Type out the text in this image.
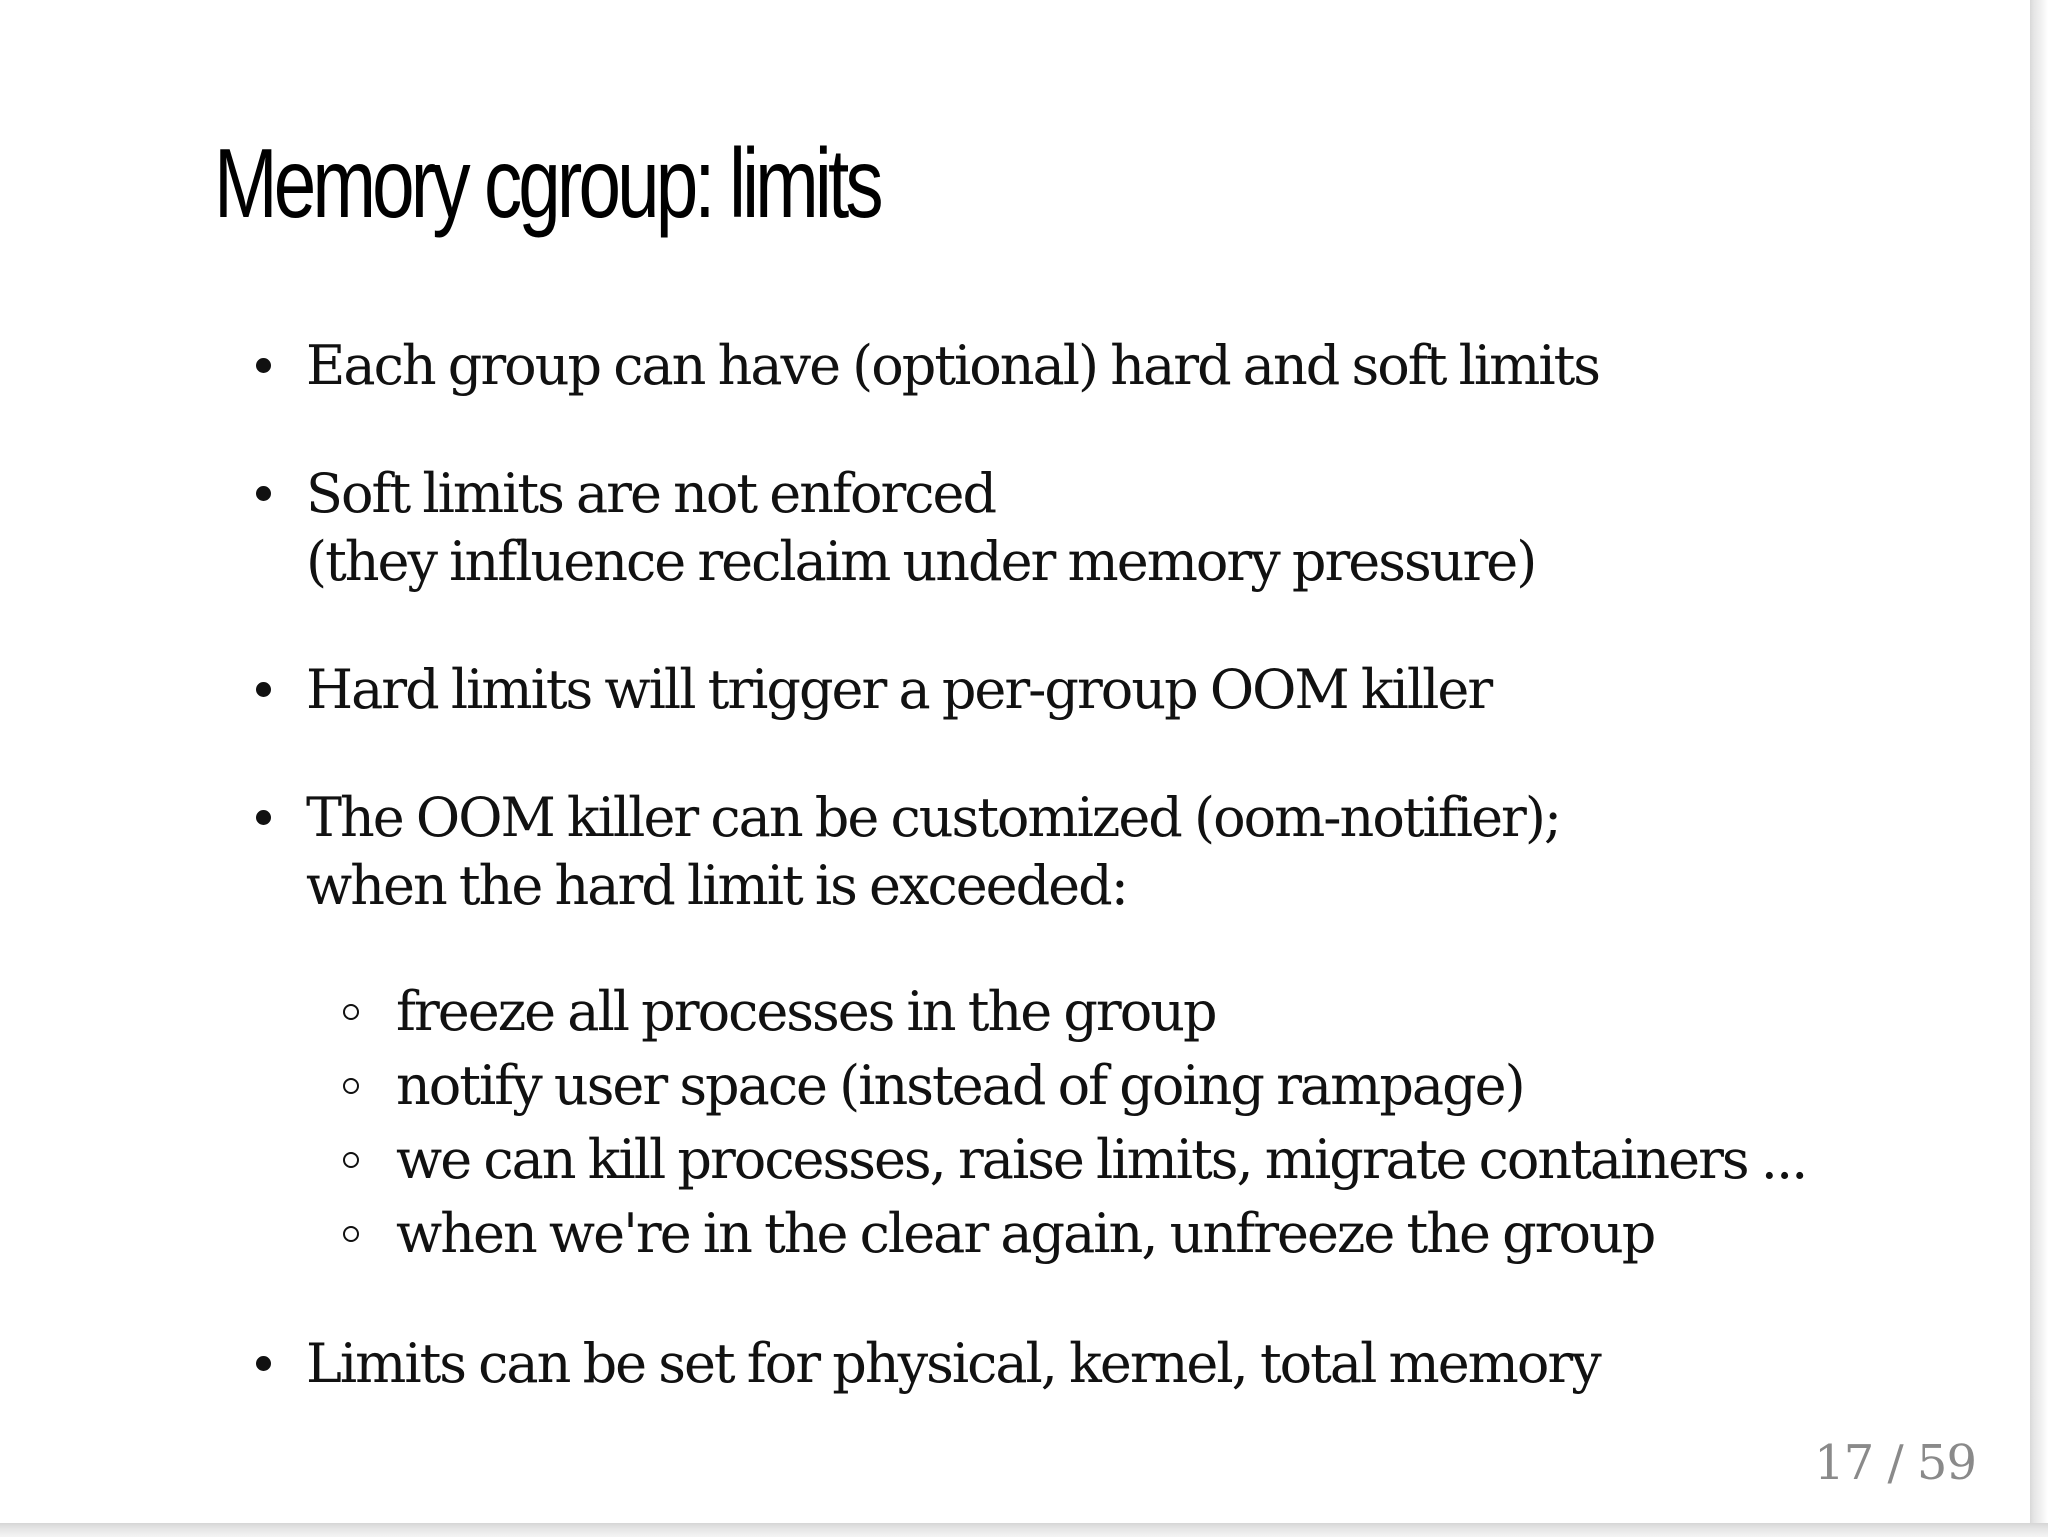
Memory cgroup: limits

Each group can have (optional) hard and soft limits

Soft limits are not enforced
(they influence reclaim under memory pressure)

Hard limits will trigger a per-group OOM killer

The OOM killer can be customized (oom-notifier);
when the hard limit is exceeded:

freeze all processes in the group

notify user space (instead of going rampage)

we can kill processes, raise limits, migrate containers ...

when we're in the clear again, unfreeze the group

Limits can be set for physical, kernel, total memory

17 / 59
